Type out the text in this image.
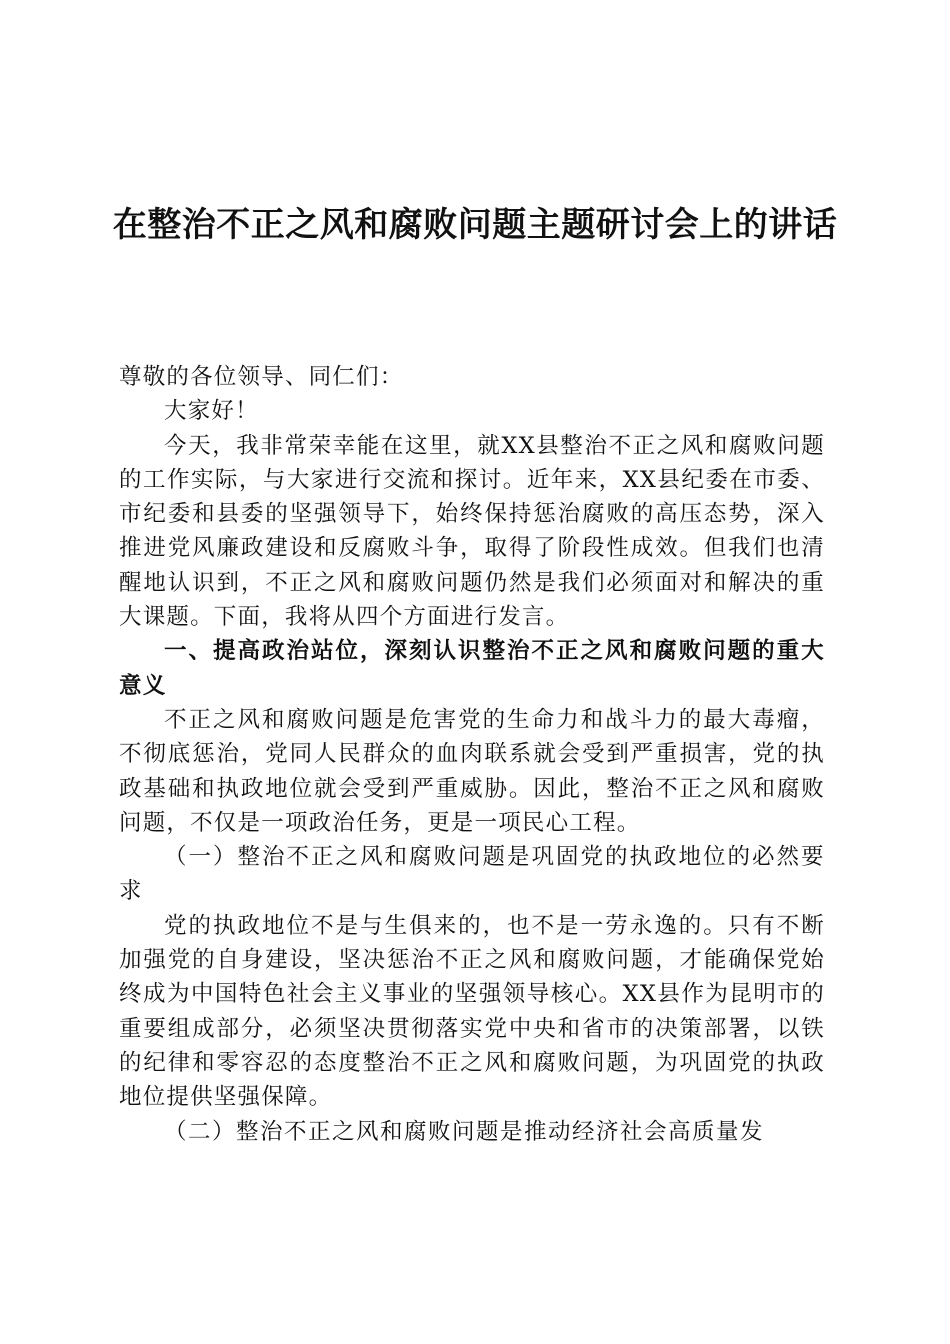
在整治不正之风和腐败问题主题研讨会上的讲话

尊敬的各位领导、同仁们：

大家好！

今天，我非常荣幸能在这里，就XX县整治不正之风和腐败问题的工作实际，与大家进行交流和探讨。近年来，XX县纪委在市委、市纪委和县委的坚强领导下，始终保持惩治腐败的高压态势，深入推进党风廉政建设和反腐败斗争，取得了阶段性成效。但我们也清醒地认识到，不正之风和腐败问题仍然是我们必须面对和解决的重大课题。下面，我将从四个方面进行发言。

一、提高政治站位，深刻认识整治不正之风和腐败问题的重大意义

不正之风和腐败问题是危害党的生命力和战斗力的最大毒瘤，不彻底惩治，党同人民群众的血肉联系就会受到严重损害，党的执政基础和执政地位就会受到严重威胁。因此，整治不正之风和腐败问题，不仅是一项政治任务，更是一项民心工程。

（一）整治不正之风和腐败问题是巩固党的执政地位的必然要求

党的执政地位不是与生俱来的，也不是一劳永逸的。只有不断加强党的自身建设，坚决惩治不正之风和腐败问题，才能确保党始终成为中国特色社会主义事业的坚强领导核心。XX县作为昆明市的重要组成部分，必须坚决贯彻落实党中央和省市的决策部署，以铁的纪律和零容忍的态度整治不正之风和腐败问题，为巩固党的执政地位提供坚强保障。

（二）整治不正之风和腐败问题是推动经济社会高质量发
